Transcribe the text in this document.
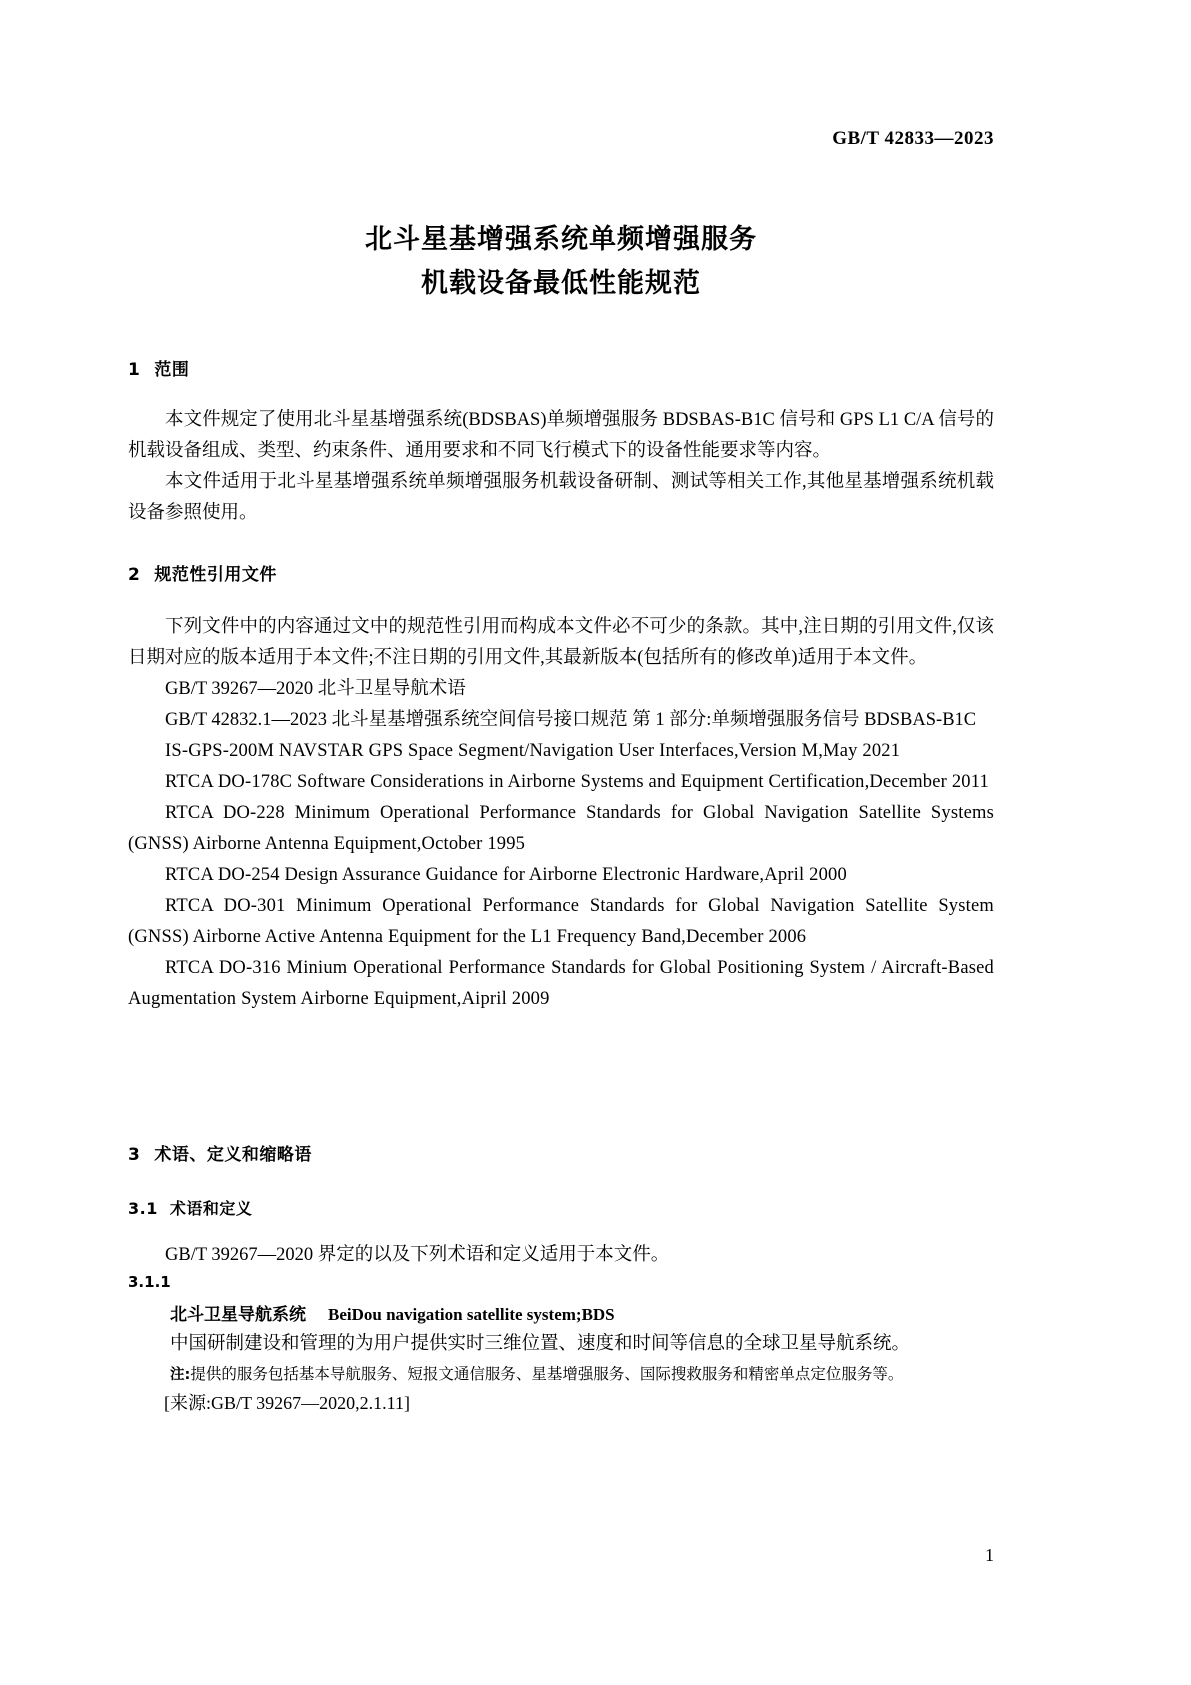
GB/T 42833—2023
北斗星基增强系统单频增强服务
机载设备最低性能规范
1 范围

本文件规定了使用北斗星基增强系统(BDSBAS)单频增强服务 BDSBAS-B1C 信号和 GPS L1 C/A 信号的机载设备组成、类型、约束条件、通用要求和不同飞行模式下的设备性能要求等内容。

本文件适用于北斗星基增强系统单频增强服务机载设备研制、测试等相关工作,其他星基增强系统机载设备参照使用。

2 规范性引用文件

下列文件中的内容通过文中的规范性引用而构成本文件必不可少的条款。其中,注日期的引用文件,仅该日期对应的版本适用于本文件;不注日期的引用文件,其最新版本(包括所有的修改单)适用于本文件。

GB/T 39267—2020 北斗卫星导航术语

GB/T 42832.1—2023 北斗星基增强系统空间信号接口规范 第 1 部分:单频增强服务信号 BDSBAS-B1C

IS-GPS-200M NAVSTAR GPS Space Segment/Navigation User Interfaces,Version M,May 2021

RTCA DO-178C Software Considerations in Airborne Systems and Equipment Certification,December 2011

RTCA DO-228 Minimum Operational Performance Standards for Global Navigation Satellite Systems (GNSS) Airborne Antenna Equipment,October 1995

RTCA DO-254 Design Assurance Guidance for Airborne Electronic Hardware,April 2000

RTCA DO-301 Minimum Operational Performance Standards for Global Navigation Satellite System (GNSS) Airborne Active Antenna Equipment for the L1 Frequency Band,December 2006

RTCA DO-316 Minium Operational Performance Standards for Global Positioning System / Aircraft-Based Augmentation System Airborne Equipment,Aipril 2009

3 术语、定义和缩略语
3.1 术语和定义

GB/T 39267—2020 界定的以及下列术语和定义适用于本文件。

3.1.1
北斗卫星导航系统 BeiDou navigation satellite system;BDS

中国研制建设和管理的为用户提供实时三维位置、速度和时间等信息的全球卫星导航系统。

注:提供的服务包括基本导航服务、短报文通信服务、星基增强服务、国际搜救服务和精密单点定位服务等。

[来源:GB/T 39267—2020,2.1.11]

1
